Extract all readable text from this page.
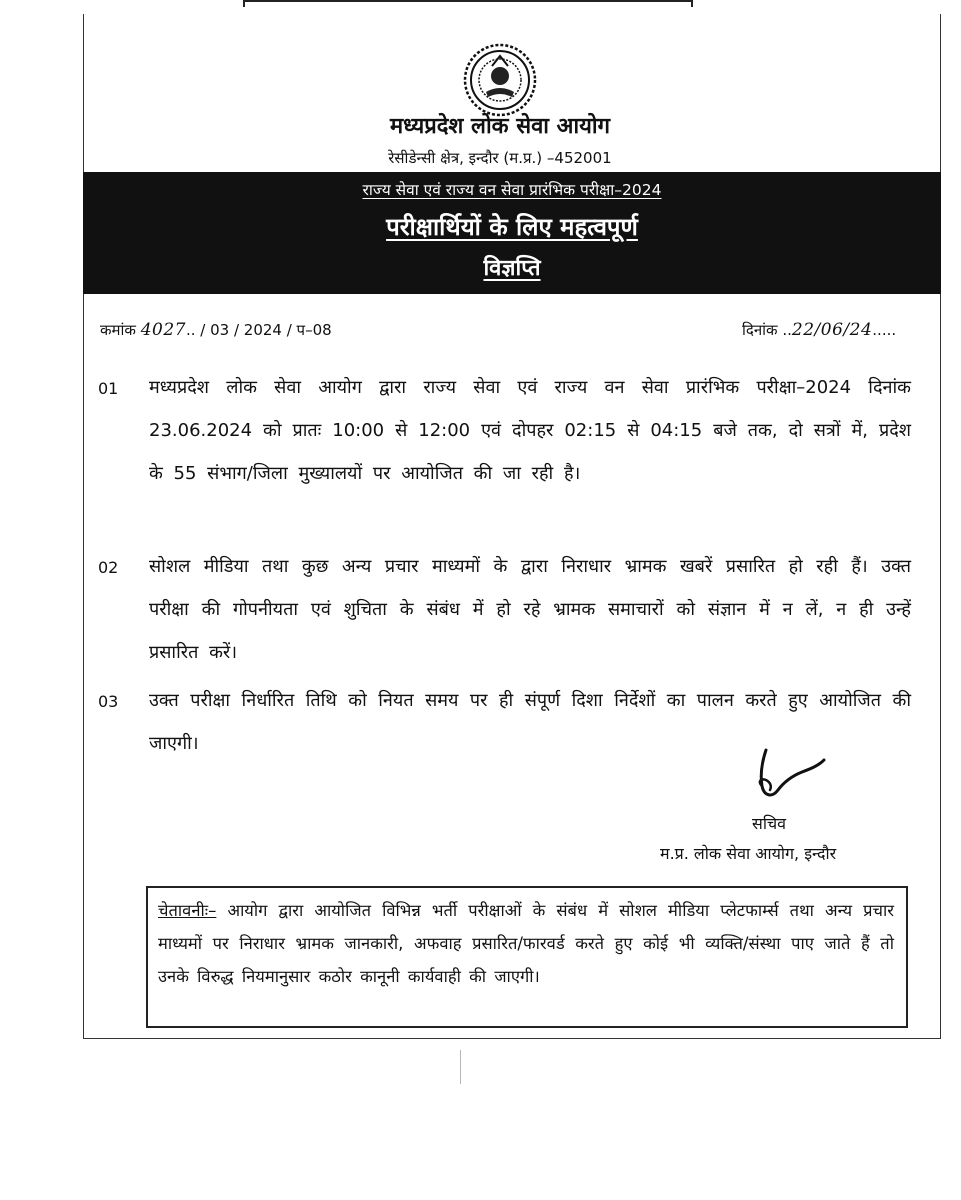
मध्यप्रदेश लोक सेवा आयोग
रेसीडेन्सी क्षेत्र, इन्दौर (म.प्र.) –452001
राज्य सेवा एवं राज्य वन सेवा प्रारंभिक परीक्षा–2024
परीक्षार्थियों के लिए महत्वपूर्ण
विज्ञप्ति
कमांक 4027.. / 03 / 2024 / प–08	दिनांक ..22/06/24.....
01 मध्यप्रदेश लोक सेवा आयोग द्वारा राज्य सेवा एवं राज्य वन सेवा प्रारंभिक परीक्षा–2024 दिनांक 23.06.2024 को प्रातः 10:00 से 12:00 एवं दोपहर 02:15 से 04:15 बजे तक, दो सत्रों में, प्रदेश के 55 संभाग/जिला मुख्यालयों पर आयोजित की जा रही है।
02 सोशल मीडिया तथा कुछ अन्य प्रचार माध्यमों के द्वारा निराधार भ्रामक खबरें प्रसारित हो रही हैं। उक्त परीक्षा की गोपनीयता एवं शुचिता के संबंध में हो रहे भ्रामक समाचारों को संज्ञान में न लें, न ही उन्हें प्रसारित करें।
03 उक्त परीक्षा निर्धारित तिथि को नियत समय पर ही संपूर्ण दिशा निर्देशों का पालन करते हुए आयोजित की जाएगी।
सचिव
म.प्र. लोक सेवा आयोग, इन्दौर
चेतावनीः– आयोग द्वारा आयोजित विभिन्न भर्ती परीक्षाओं के संबंध में सोशल मीडिया प्लेटफार्म्स तथा अन्य प्रचार माध्यमों पर निराधार भ्रामक जानकारी, अफवाह प्रसारित/फारवर्ड करते हुए कोई भी व्यक्ति/संस्था पाए जाते हैं तो उनके विरुद्ध नियमानुसार कठोर कानूनी कार्यवाही की जाएगी।
